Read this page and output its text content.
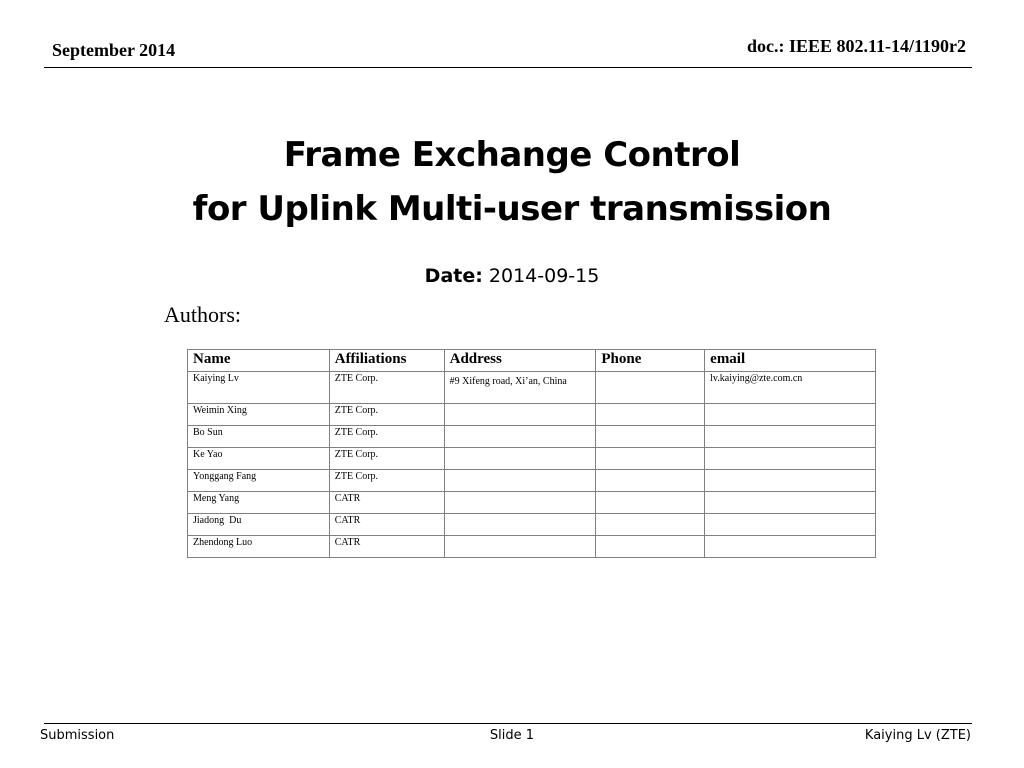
September 2014	doc.: IEEE 802.11-14/1190r2
Frame Exchange Control
for Uplink Multi-user transmission
Date: 2014-09-15
Authors:
Name	Affiliations	Address	Phone	email
Kaiying Lv	ZTE Corp.	#9 Xifeng road, Xi’an, China		lv.kaiying@zte.com.cn
Weimin Xing	ZTE Corp.			
Bo Sun	ZTE Corp.			
Ke Yao	ZTE Corp.			
Yonggang Fang	ZTE Corp.			
Meng Yang	CATR			
Jiadong  Du	CATR			
Zhendong Luo	CATR			
Submission	Slide 1	Kaiying Lv (ZTE)
